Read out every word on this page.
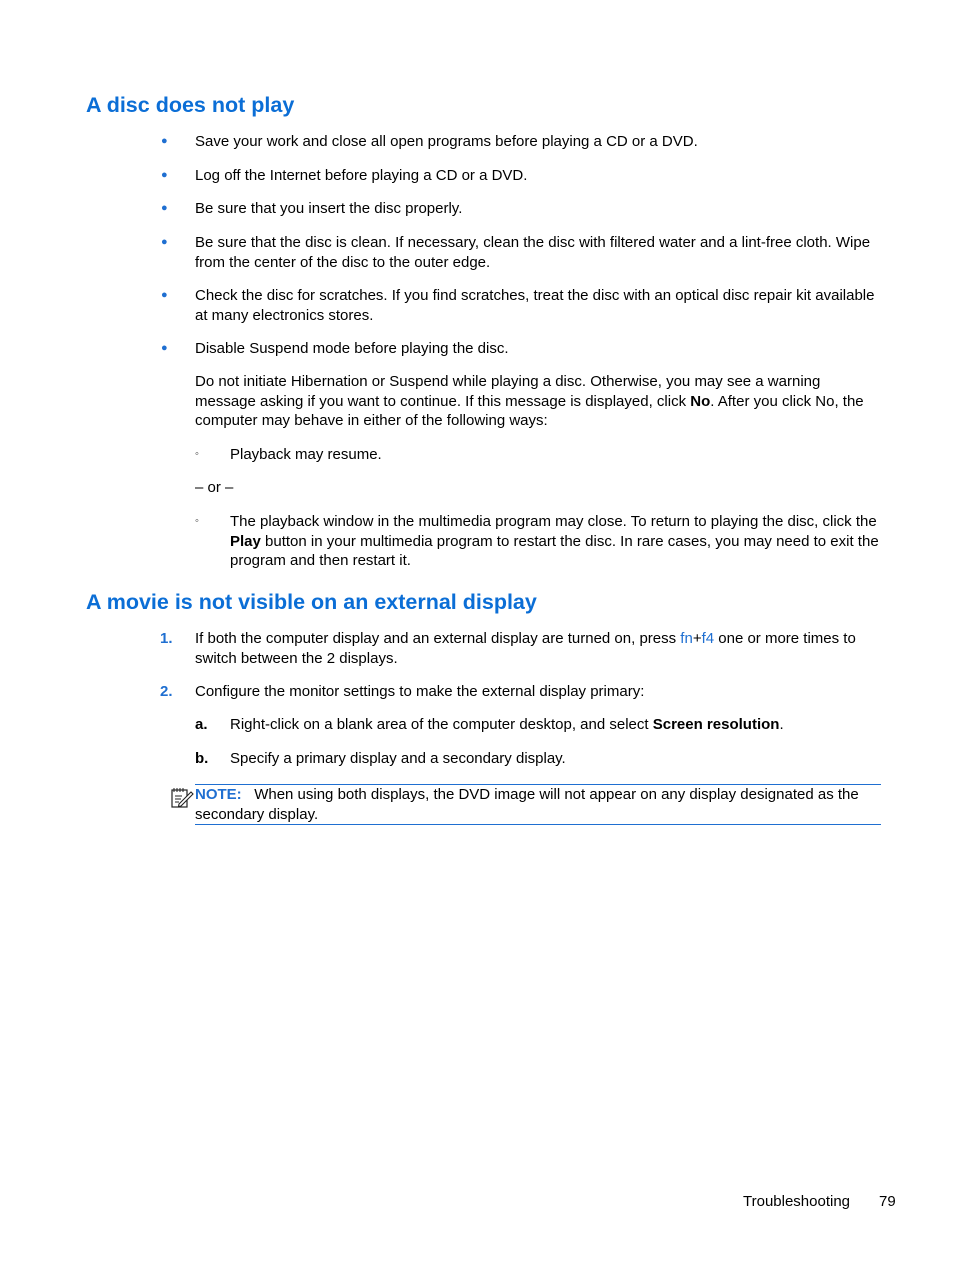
A disc does not play
● Save your work and close all open programs before playing a CD or a DVD.
● Log off the Internet before playing a CD or a DVD.
● Be sure that you insert the disc properly.
● Be sure that the disc is clean. If necessary, clean the disc with filtered water and a lint-free cloth. Wipe from the center of the disc to the outer edge.
● Check the disc for scratches. If you find scratches, treat the disc with an optical disc repair kit available at many electronics stores.
● Disable Suspend mode before playing the disc.
Do not initiate Hibernation or Suspend while playing a disc. Otherwise, you may see a warning message asking if you want to continue. If this message is displayed, click No. After you click No, the computer may behave in either of the following ways:
◦ Playback may resume.
– or –
◦ The playback window in the multimedia program may close. To return to playing the disc, click the Play button in your multimedia program to restart the disc. In rare cases, you may need to exit the program and then restart it.
A movie is not visible on an external display
1. If both the computer display and an external display are turned on, press fn+f4 one or more times to switch between the 2 displays.
2. Configure the monitor settings to make the external display primary:
a. Right-click on a blank area of the computer desktop, and select Screen resolution.
b. Specify a primary display and a secondary display.
NOTE: When using both displays, the DVD image will not appear on any display designated as the secondary display.
Troubleshooting 79
